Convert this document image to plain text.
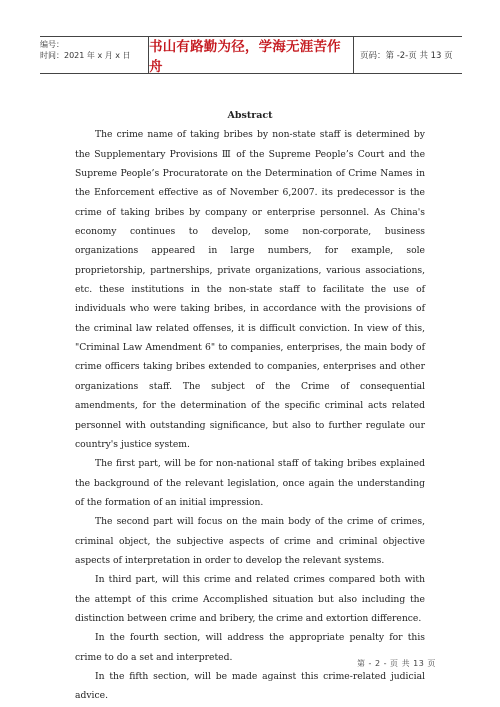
编号：
时间：2021 年 x 月 x 日
书山有路勤为径，学海无涯苦作舟
页码：第 -2-页 共 13 页
Abstract

The crime name of taking bribes by non-state staff is determined by the Supplementary Provisions Ⅲ of the Supreme People’s Court and the Supreme People’s Procuratorate on the Determination of Crime Names in the Enforcement effective as of November 6,2007. its predecessor is the crime of taking bribes by company or enterprise personnel. As China's economy continues to develop, some non-corporate, business organizations appeared in large numbers, for example, sole proprietorship, partnerships, private organizations, various associations, etc. these institutions in the non-state staff to facilitate the use of individuals who were taking bribes, in accordance with the provisions of the criminal law related offenses, it is difficult conviction. In view of this, "Criminal Law Amendment 6" to companies, enterprises, the main body of crime officers taking bribes extended to companies, enterprises and other organizations staff. The subject of the Crime of consequential amendments, for the determination of the specific criminal acts related personnel with outstanding significance, but also to further regulate our country's justice system.

The first part, will be for non-national staff of taking bribes explained the background of the relevant legislation, once again the understanding of the formation of an initial impression.

The second part will focus on the main body of the crime of crimes, criminal object, the subjective aspects of crime and criminal objective aspects of interpretation in order to develop the relevant systems.

In third part, will this crime and related crimes compared both with the attempt of this crime Accomplished situation but also including the distinction between crime and bribery, the crime and extortion difference.

In the fourth section, will address the appropriate penalty for this crime to do a set and interpreted.

In the fifth section, will be made against this crime-related judicial advice.

第 - 2 - 页 共 13 页
